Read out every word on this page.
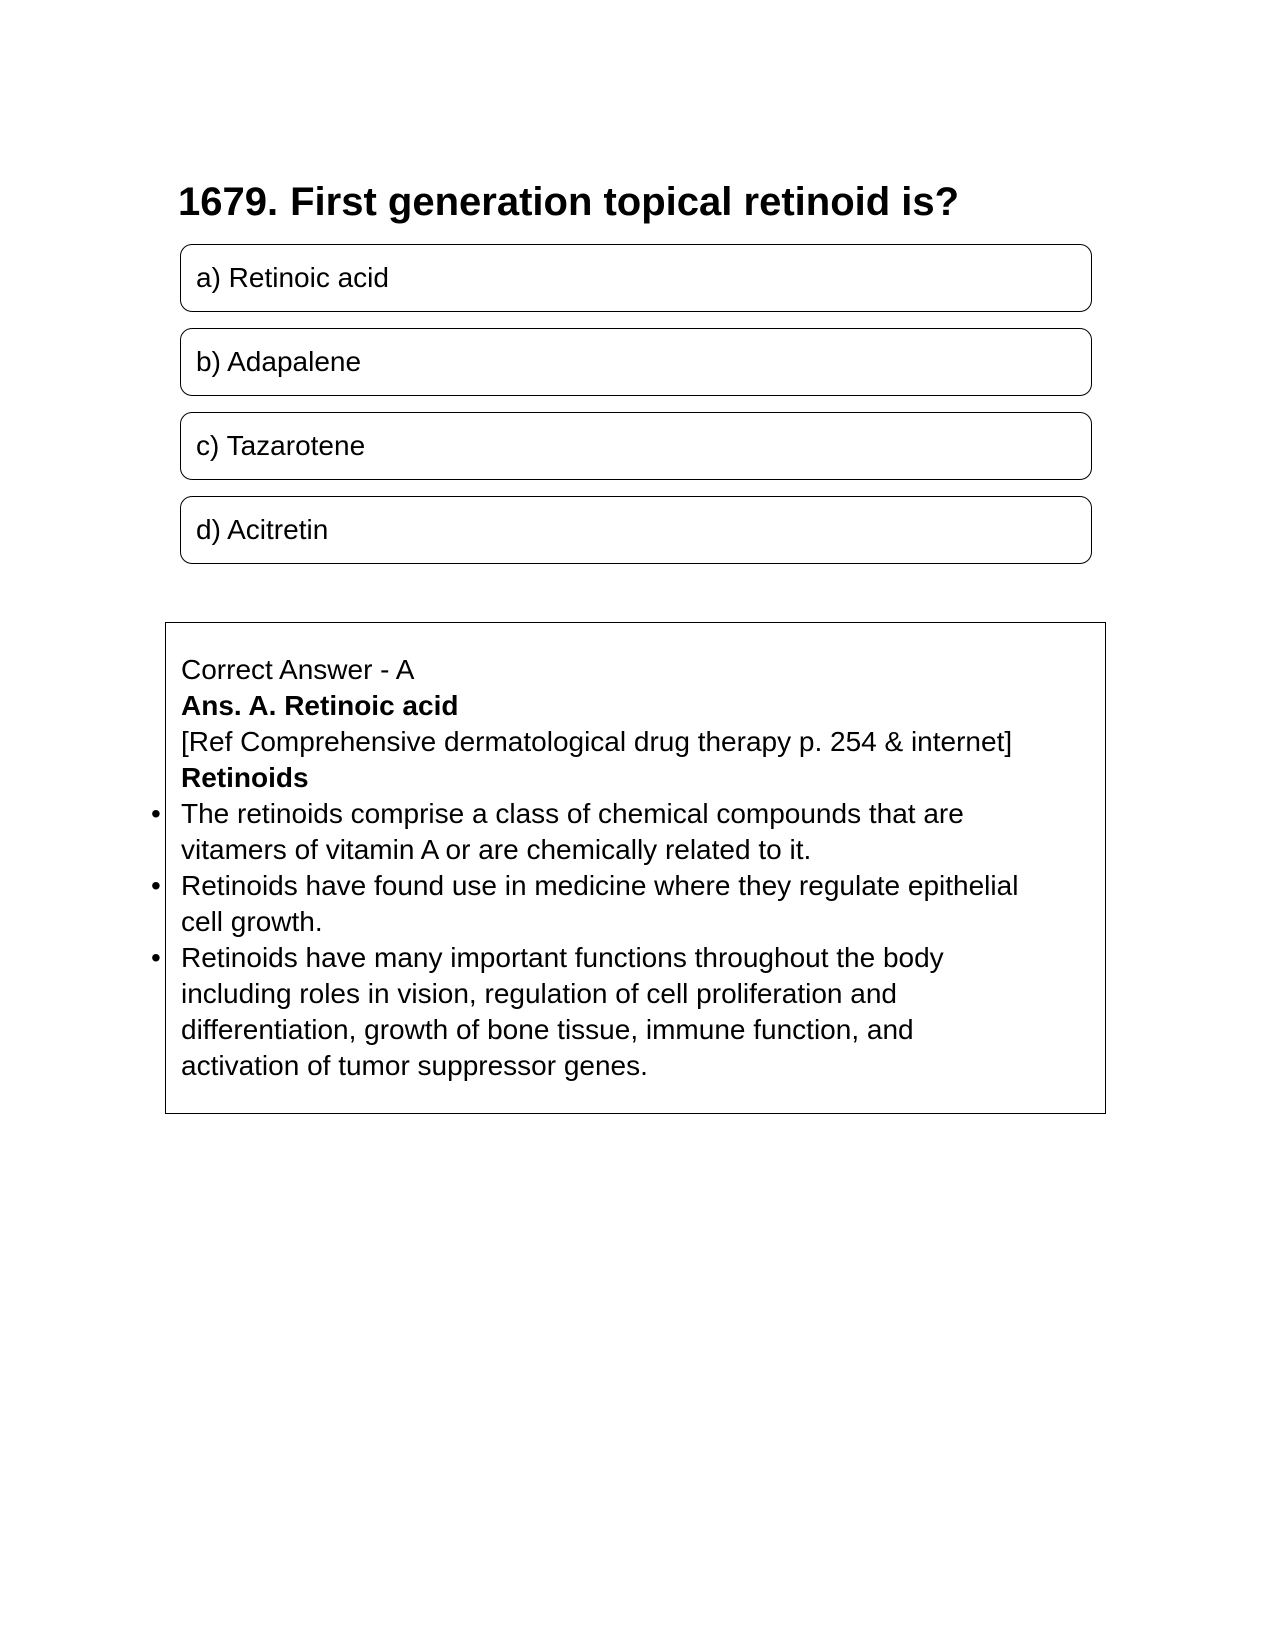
1679. First generation topical retinoid is?
a) Retinoic acid
b) Adapalene
c) Tazarotene
d) Acitretin

Correct Answer - A

Ans. A. Retinoic acid

[Ref Comprehensive dermatological drug therapy p. 254 & internet]

Retinoids

• The retinoids comprise a class of chemical compounds that are
vitamers of vitamin A or are chemically related to it.
• Retinoids have found use in medicine where they regulate epithelial
cell growth.
• Retinoids have many important functions throughout the body
including roles in vision, regulation of cell proliferation and
differentiation, growth of bone tissue, immune function, and
activation of tumor suppressor genes.
